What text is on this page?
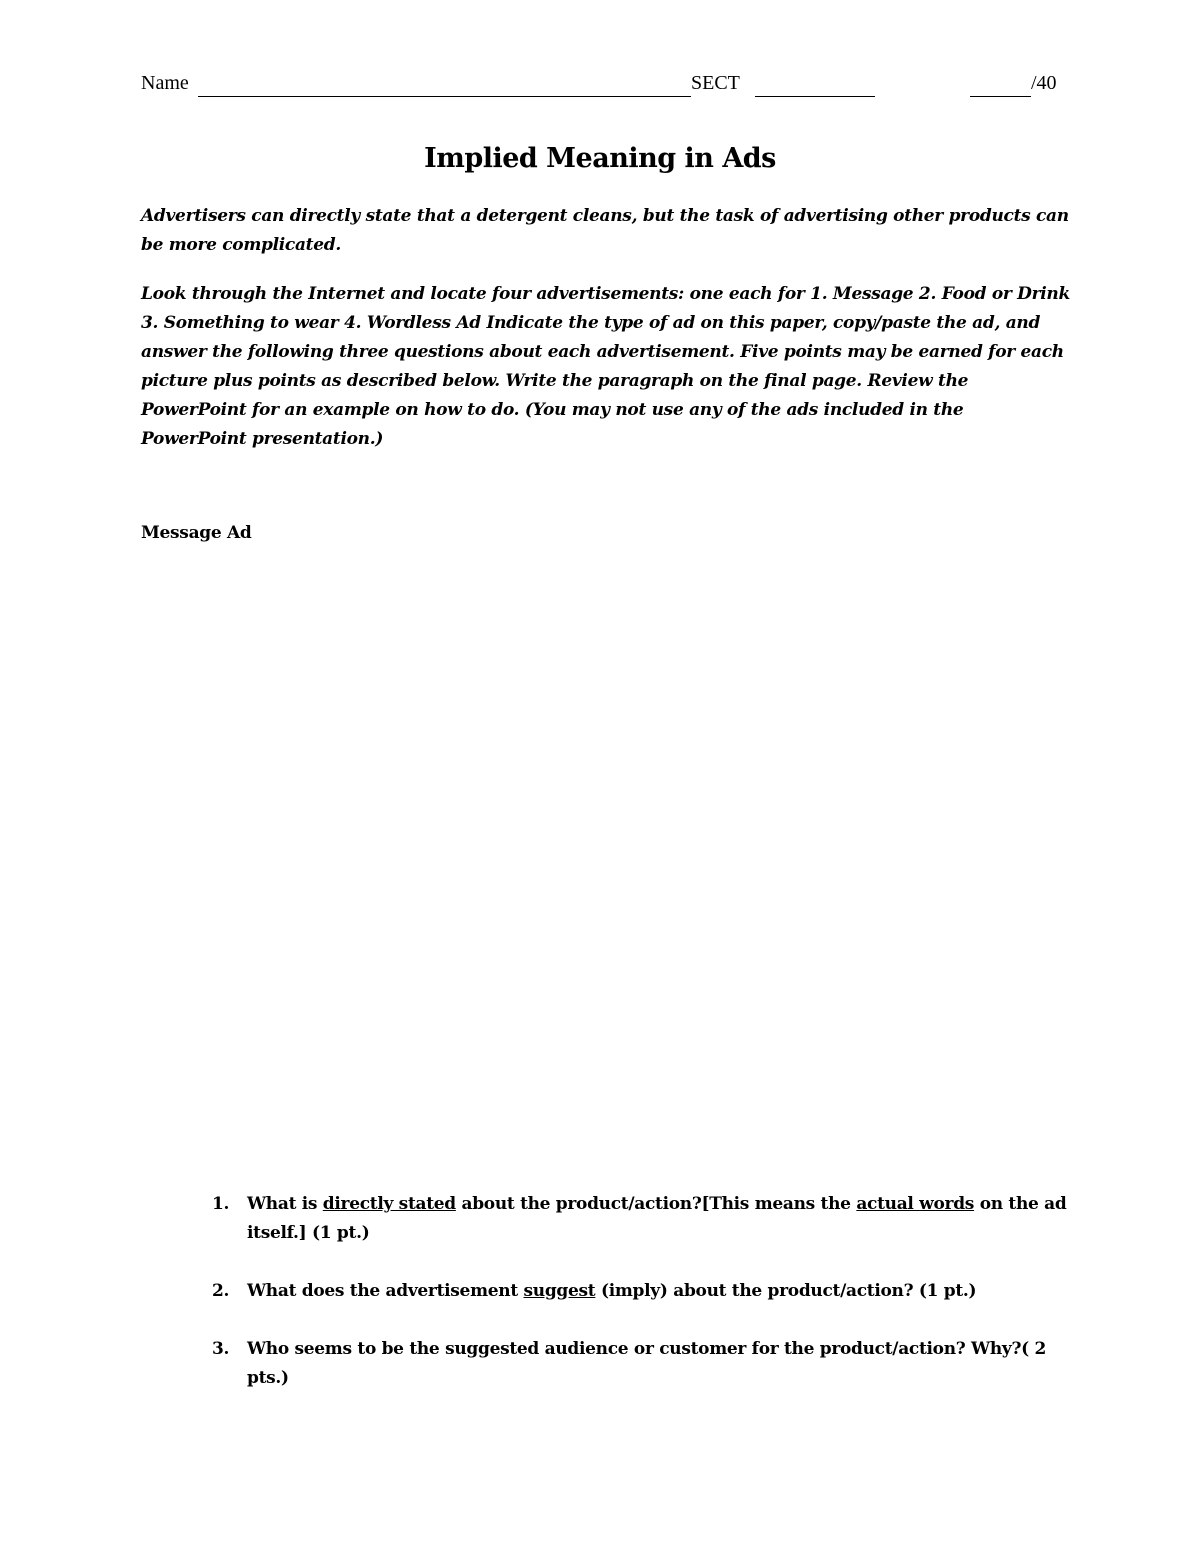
Name	SECT	/40
Implied Meaning in Ads

Advertisers can directly state that a detergent cleans, but the task of advertising other products can be more complicated.

Look through the Internet and locate four advertisements: one each for 1. Message 2. Food or Drink 3. Something to wear 4. Wordless Ad Indicate the type of ad on this paper, copy/paste the ad, and answer the following three questions about each advertisement. Five points may be earned for each picture plus points as described below. Write the paragraph on the final page. Review the PowerPoint for an example on how to do. (You may not use any of the ads included in the PowerPoint presentation.)

Message Ad

1. What is directly stated about the product/action?[This means the actual words on the ad itself.] (1 pt.)
2. What does the advertisement suggest (imply) about the product/action? (1 pt.)
3. Who seems to be the suggested audience or customer for the product/action? Why?( 2 pts.)
